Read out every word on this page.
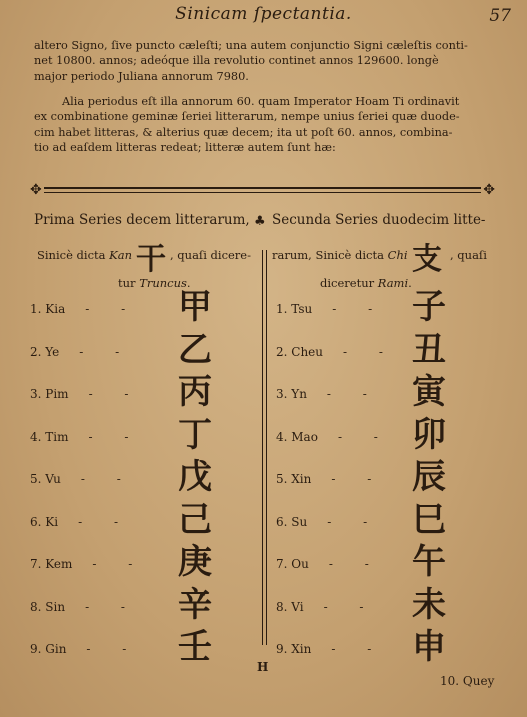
Sinicam ſpectantia.	57

altero Signo, ſive puncto cæleſti; una autem conjunctio Signi cæleſtis conti-

net 10800. annos; adeóque illa revolutio continet annos 129600. longè

major periodo Juliana annorum 7980.

Alia periodus eſt illa annorum 60. quam Imperator Hoam Ti ordinavit

ex combinatione geminæ ſeriei litterarum, nempe unius ſeriei quæ duode-

cim habet litteras, & alterius quæ decem; ita ut poſt 60. annos, combina-

tio ad eaſdem litteras redeat; litteræ autem ſunt hæ:

✥	✥
Prima Series decem litterarum, ♣ Secunda Series duodecim litte-
Sinicè dicta Kan 干 , quaſi dicere-
tur Truncus.
rarum, Sinicè dicta Chi 支 , quaſi
diceretur Rami.
1. Kia - - 甲
2. Ye - - 乙
3. Pim - - 丙
4. Tim - - 丁
5. Vu - - 戊
6. Ki - - 己
7. Kem - - 庚
8. Sin - - 辛
9. Gin - - 壬
1. Tsu - - 子
2. Cheu - - 丑
3. Yn - - 寅
4. Mao - - 卯
5. Xin - - 辰
6. Su - - 巳
7. Ou - - 午
8. Vi - - 未
9. Xin - - 申
10. Quey
H
